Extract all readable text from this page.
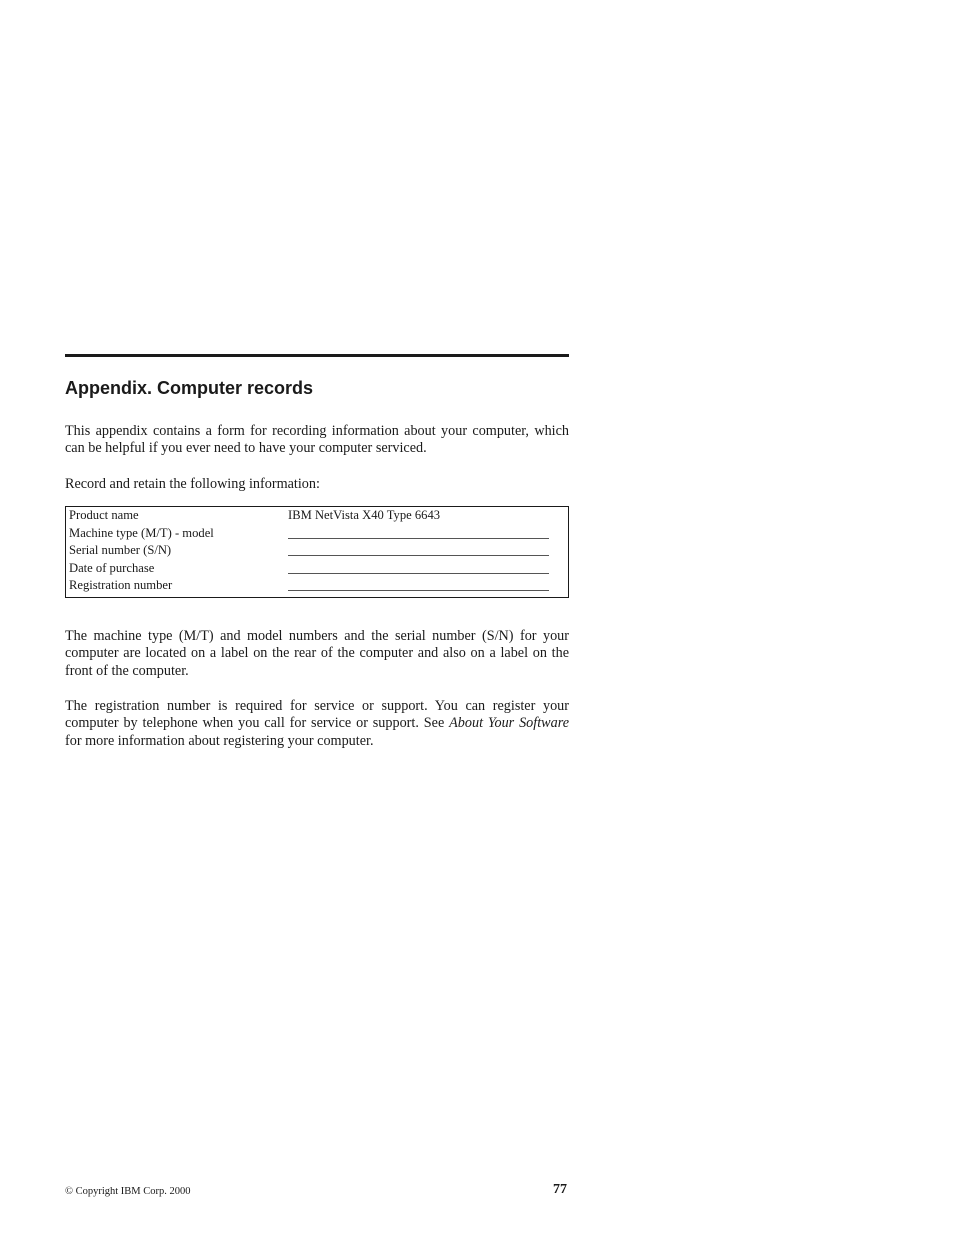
Appendix. Computer records

This appendix contains a form for recording information about your computer, which can be helpful if you ever need to have your computer serviced.

Record and retain the following information:

Product name	IBM NetVista X40 Type 6643
Machine type (M/T) - model
Serial number (S/N)
Date of purchase
Registration number

The machine type (M/T) and model numbers and the serial number (S/N) for your computer are located on a label on the rear of the computer and also on a label on the front of the computer.

The registration number is required for service or support. You can register your computer by telephone when you call for service or support. See About Your Software for more information about registering your computer.

© Copyright IBM Corp. 2000	77
